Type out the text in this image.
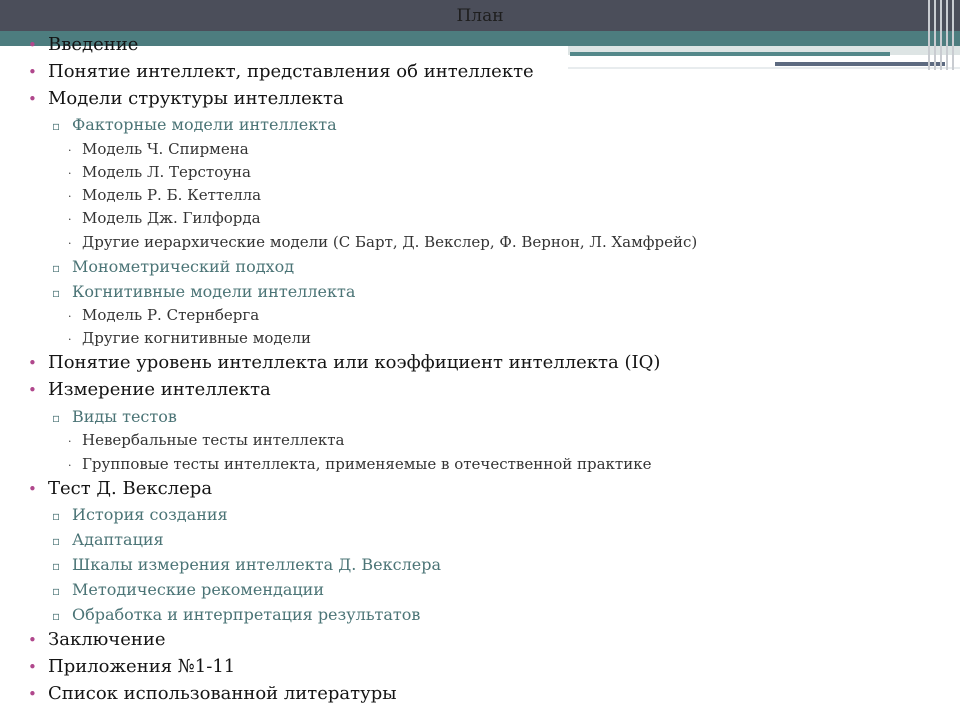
План
• Введение
• Понятие интеллект, представления об интеллекте
• Модели структуры интеллекта
▫ Факторные модели интеллекта
· Модель Ч. Спирмена
· Модель Л. Терстоуна
· Модель Р. Б. Кеттелла
· Модель Дж. Гилфорда
· Другие иерархические модели (С Барт, Д. Векслер, Ф. Вернон, Л. Хамфрейс)
▫ Монометрический подход
▫ Когнитивные модели интеллекта
· Модель Р. Стернберга
· Другие когнитивные модели
• Понятие уровень интеллекта или коэффициент интеллекта (IQ)
• Измерение интеллекта
▫ Виды тестов
· Невербальные тесты интеллекта
· Групповые тесты интеллекта, применяемые в отечественной практике
• Тест Д. Векслера
▫ История создания
▫ Адаптация
▫ Шкалы измерения интеллекта Д. Векслера
▫ Методические рекомендации
▫ Обработка и интерпретация результатов
• Заключение
• Приложения №1-11
• Список использованной литературы
